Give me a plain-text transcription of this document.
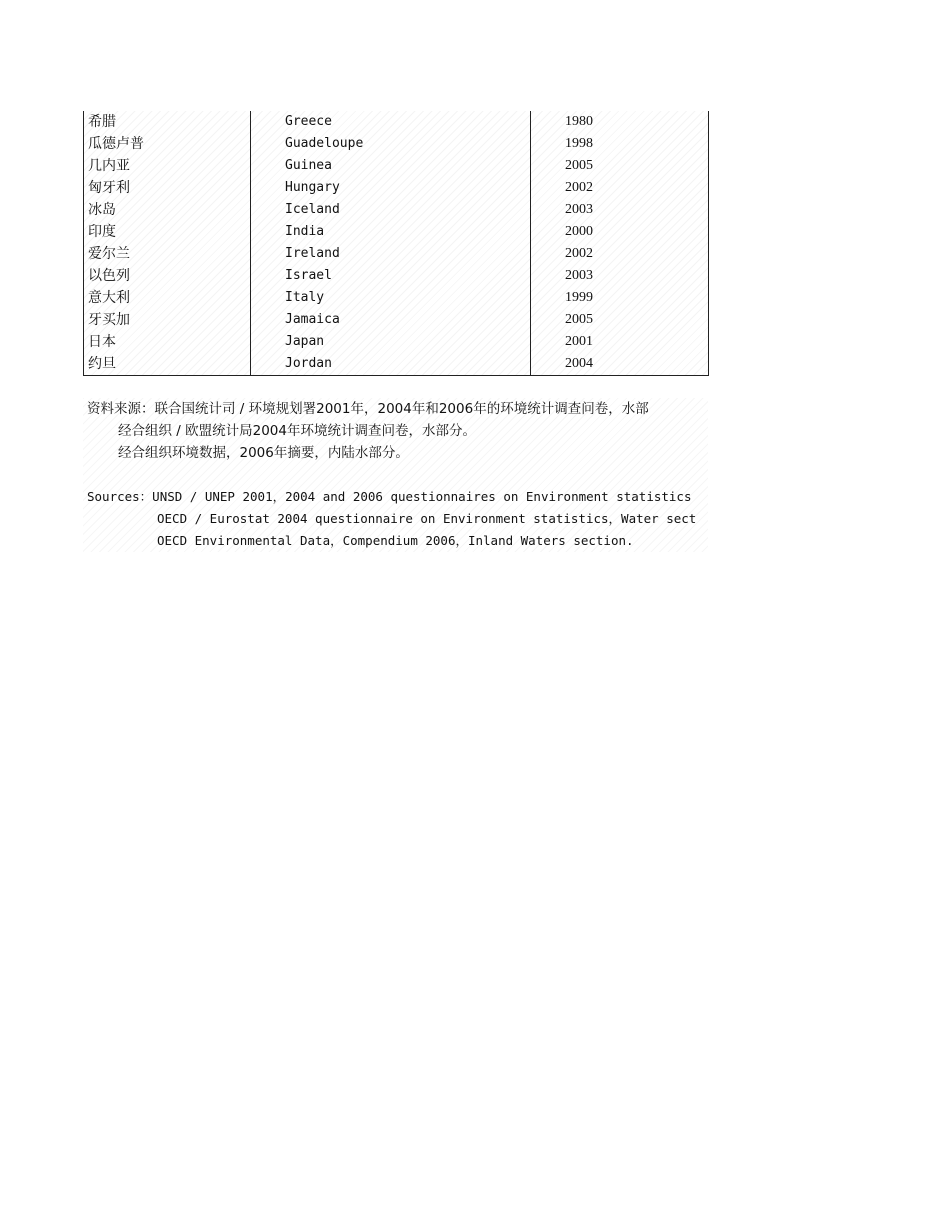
希腊	Greece	1980
瓜德卢普	Guadeloupe	1998
几内亚	Guinea	2005
匈牙利	Hungary	2002
冰岛	Iceland	2003
印度	India	2000
爱尔兰	Ireland	2002
以色列	Israel	2003
意大利	Italy	1999
牙买加	Jamaica	2005
日本	Japan	2001
约旦	Jordan	2004
资料来源：联合国统计司 / 环境规划署2001年，2004年和2006年的环境统计调查问卷，水部
经合组织 / 欧盟统计局2004年环境统计调查问卷，水部分。
经合组织环境数据，2006年摘要，内陆水部分。
Sources：UNSD / UNEP 2001，2004 and 2006 questionnaires on Environment statistics
OECD / Eurostat 2004 questionnaire on Environment statistics，Water sect
OECD Environmental Data，Compendium 2006，Inland Waters section.
